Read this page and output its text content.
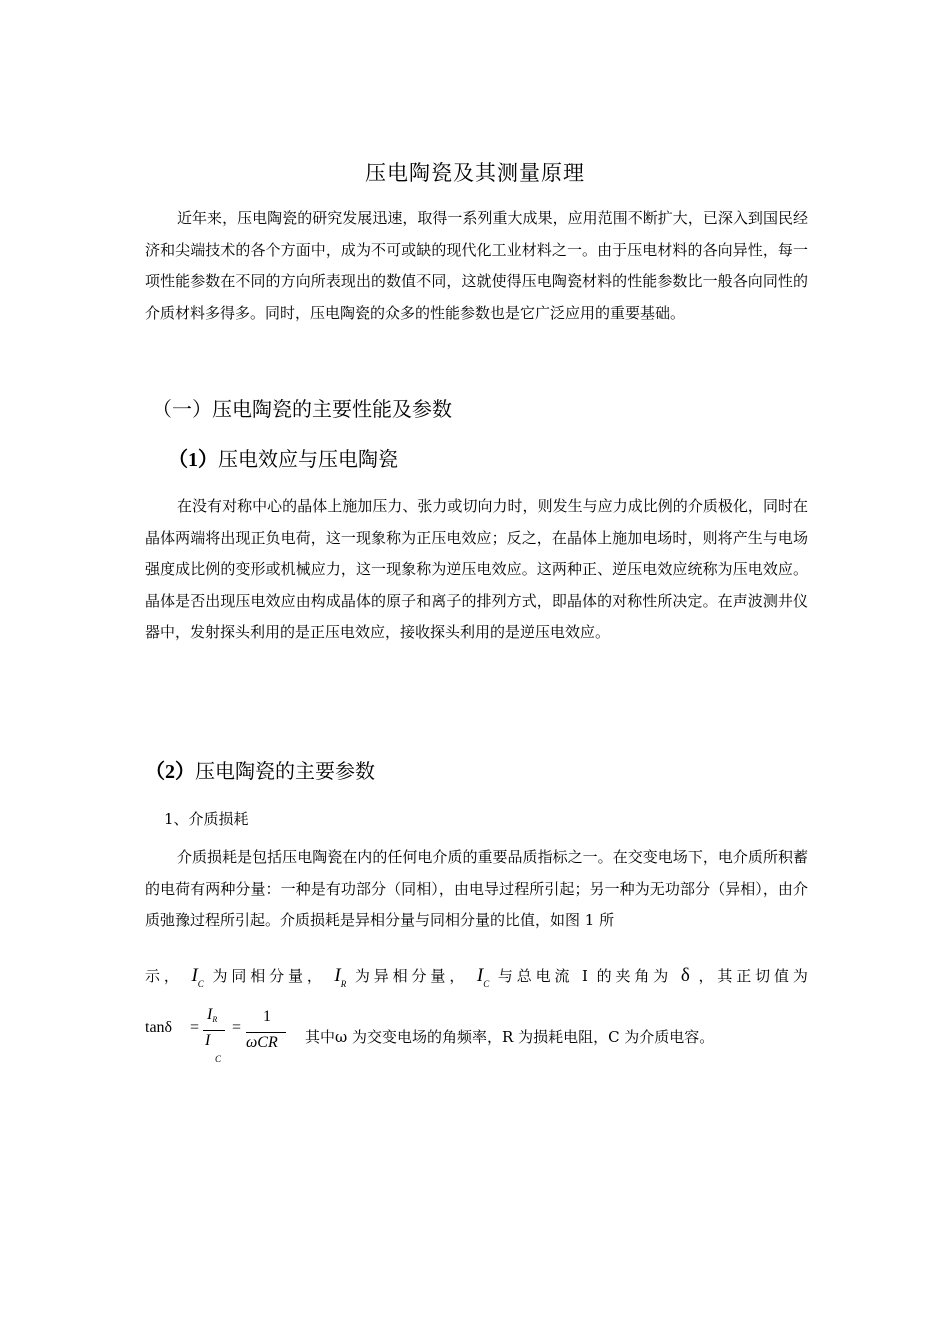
压电陶瓷及其测量原理

近年来，压电陶瓷的研究发展迅速，取得一系列重大成果，应用范围不断扩大，已深入到国民经济和尖端技术的各个方面中，成为不可或缺的现代化工业材料之一。由于压电材料的各向异性，每一项性能参数在不同的方向所表现出的数值不同，这就使得压电陶瓷材料的性能参数比一般各向同性的介质材料多得多。同时，压电陶瓷的众多的性能参数也是它广泛应用的重要基础。

（一）压电陶瓷的主要性能及参数
（1）压电效应与压电陶瓷

在没有对称中心的晶体上施加压力、张力或切向力时，则发生与应力成比例的介质极化，同时在晶体两端将出现正负电荷，这一现象称为正压电效应；反之，在晶体上施加电场时，则将产生与电场强度成比例的变形或机械应力，这一现象称为逆压电效应。这两种正、逆压电效应统称为压电效应。晶体是否出现压电效应由构成晶体的原子和离子的排列方式，即晶体的对称性所决定。在声波测井仪器中，发射探头利用的是正压电效应，接收探头利用的是逆压电效应。

（2）压电陶瓷的主要参数
1、介质损耗

介质损耗是包括压电陶瓷在内的任何电介质的重要品质指标之一。在交变电场下，电介质所积蓄的电荷有两种分量：一种是有功部分（同相），由电导过程所引起；另一种为无功部分（异相），由介质弛豫过程所引起。介质损耗是异相分量与同相分量的比值，如图 1 所

示， $I_C$ 为同相分量， $I_R$ 为异相分量， $I_C$ 与总电流 I 的夹角为 δ ，其正切值为
tanδ =
$I_R$
I
C
=
1
ωCR 其中ω 为交变电场的角频率，R 为损耗电阻，C 为介质电容。
